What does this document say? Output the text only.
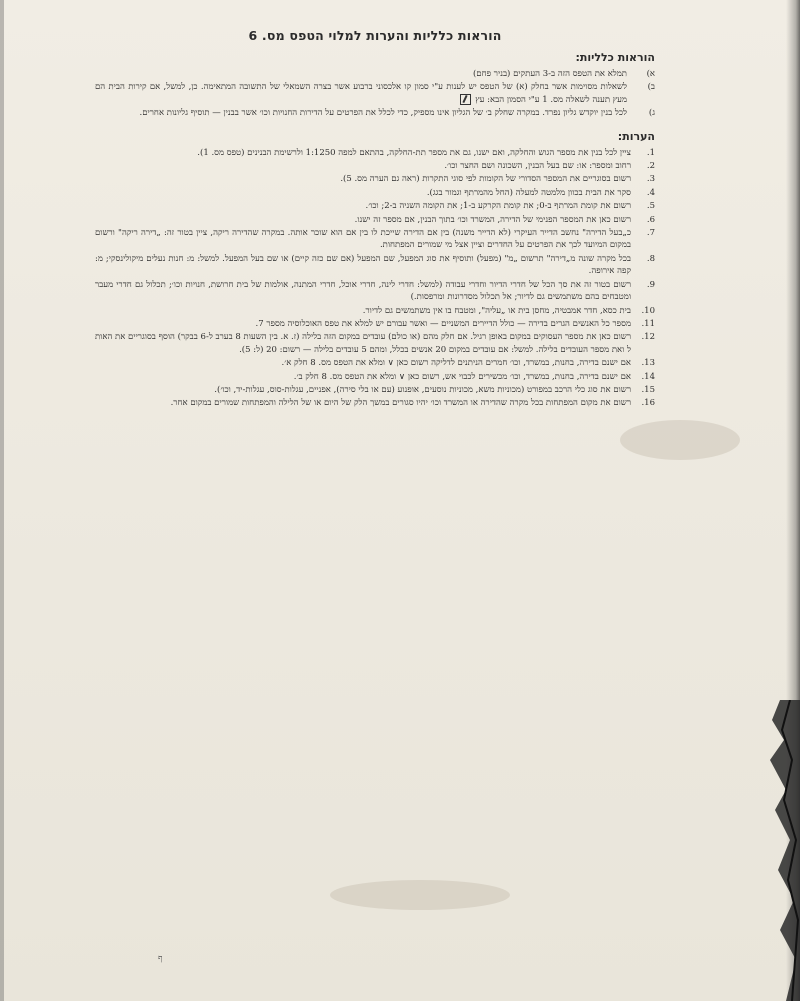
הוראות כלליות והערות למלוי הטפס מס. 6
הוראות כלליות:
א)
תמלא את הטפס הזה ב-3 העתקים (בניר פחם)
ב)
לשאלות מסוימות אשר בחלק (א) של הטפס יש לענות ע"י סמון קו אלכסוני ברבוע אשר בצרה השמאלי של התשובה המתאימה. כן, למשל, אם קירות הבית הם מעץ תענה לשאלה מס. 1 ע"י הסמון הבא: עץ
ג)
לכל בנין יוקדש גליון נפרד. במקרה שחלק ב׳ של הגליון אינו מספיק, כדי לכלל את הפרטים על הדירות החנויות וכו׳ אשר בבנין — תוסיף גליונות אחרים.
הערות:
1.
ציין לכל בנין את מספר הגוש והחלקה, ואם ישנו, גם את מספר תת-החלקה, בהתאם למפה 1:1250 ולרשימת הבנינים (טפס מס. 1).
2.
רחוב ומספר: או: שם בעל הבנין, השכונה ושם החצר וכו׳.
3.
רשום בסוגריים את המספר הסדורי של הקומות לפי סוגי התקרות (ראה גם הערה מס. 5).
4.
סקר את הבית בכוון מלמטה למעלה (החל מהמרתף וגמור בגג).
5.
רשום את קומת המרתף ב-0; את קומת הקרקע ב-1; את הקומה השניה ב-2; וכו׳.
6.
רשום כאן את המספר הפנימי של הדירה, המשרד וכו׳ בתוך הבנין, אם מספר זה ישנו.
7.
כ„בעל הדירה" נחשב הדייר העיקרי (לא הדייר משנה) בין אם הדירה שייכת לו בין אם הוא שוכר אותה. במקרה שהדירה ריקה, ציין בטור זה: „דירה ריקה" ורשום במקום המיועד לכך את הפרטים על החדרים וציין אצל מי שמורים המפתחות.
8.
בכל מקרה שונה מ„דירה" תרשום „מ" (מפעל) ותוסיף את סוג המפעל, שם המפעל (אם שם כזה קיים) או שם בעל המפעל. למשל: מ: חנות נעלים מיקולינסקי; מ: קפה אירופה.
9.
רשום בטור זה את סך הכל של חדרי הדיור וחדרי עבודה (למשל: חדרי לינה, חדרי אוכל, חדרי המתנה, אולמות של בית חרושת, חנויות וכו׳; תכלול גם חדרי מעבר ומטבחים בהם משתמשים גם לדיור; אל תכלול מסדרונות ומרפסות.)
10.
בית כסא, חדר אמבטיה, מחסן בית או „עליה", ומטבח בו אין משתמשים גם לדיור.
11.
מספר כל האנשים הגרים בדירה — כולל הדיירים המשניים — ואשר עבורם יש למלא את טפס האוכלוסיה מספר 7.
12.
רשום כאן את מספר העסוקים במקום באופן רגיל. אם חלק מהם (או כולם) עובדים במקום הזה בלילה (ז. א. בין השעות 8 בערב ל-6 בבקר) הוסף בסוגריים את האות ל ואת מספר העובדים בלילה. למשל: אם עובדים במקום 20 אנשים בכלל, ומהם 5 עובדים בלילה — רשום: 20 (ל: 5).
13.
אם ישנם בדירה, בחנות, במשרד, וכו׳ חמרים הניתנים לדליקה רשום כאן ∨ ומלא את הטפס מס. 8 חלק א׳.
14.
אם ישנם בדירה, בחנות, במשרד, וכו׳ מכשירים לכבוי אש, רשום כאן ∨ ומלא את הטפס מס. 8 חלק ב׳.
15.
רשום את סוג כלי הרכב במפורט (מכוניות משא, מכוניות נוסעים, אופנוע (עם או בלי סירה), אפניים, עגלות-סוס, עגלות-יד, וכו׳).
16.
רשום את מקום המפתחות בכל מקרה שהדירה או המשרד וכו׳ יהיו סגורים במשך הלק של היום או של הלילה והמפתחות שמורים במקום אחר.
ף
